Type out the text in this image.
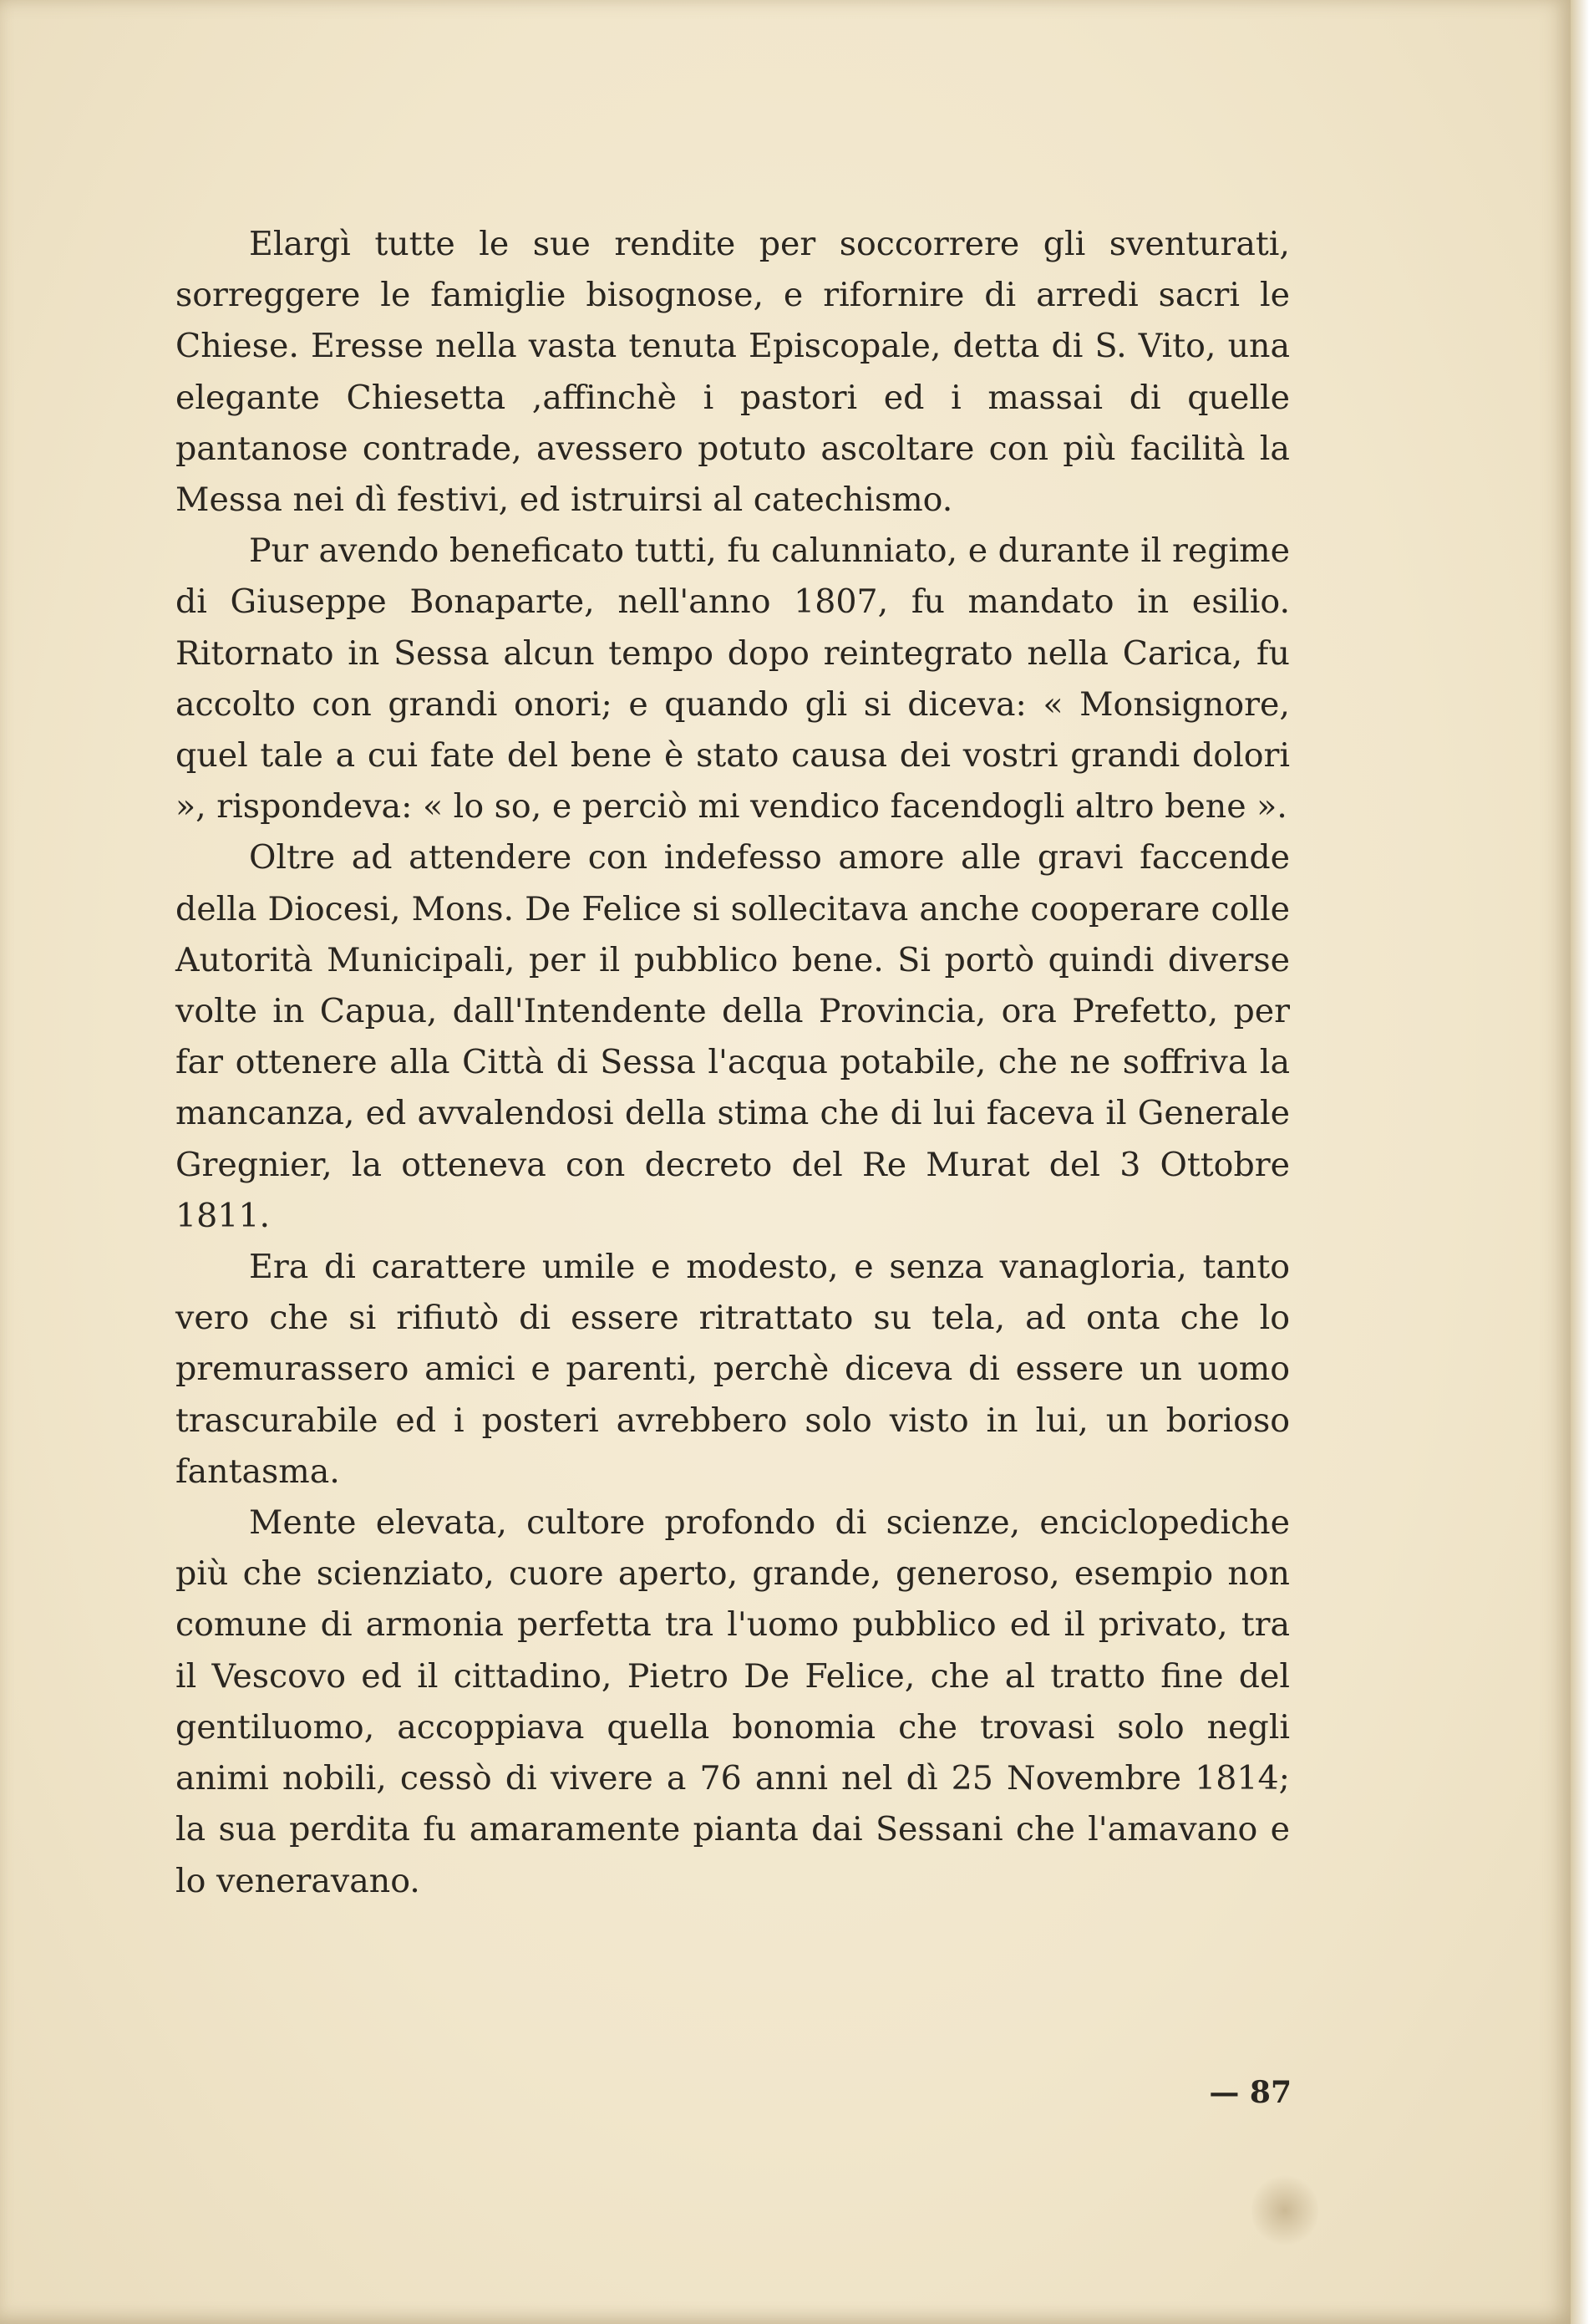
Elargì tutte le sue rendite per soccorrere gli sventurati, sorreggere le famiglie bisognose, e rifornire di arredi sacri le Chiese. Eresse nella vasta tenuta Episcopale, detta di S. Vito, una elegante Chiesetta ,affinchè i pastori ed i massai di quelle pantanose contrade, avessero potuto ascoltare con più facilità la Messa nei dì festivi, ed istruirsi al catechismo.

Pur avendo beneficato tutti, fu calunniato, e durante il regime di Giuseppe Bonaparte, nell'anno 1807, fu mandato in esilio. Ritornato in Sessa alcun tempo dopo reintegrato nella Carica, fu accolto con grandi onori; e quando gli si diceva: « Monsignore, quel tale a cui fate del bene è stato causa dei vostri grandi dolori », rispondeva: « lo so, e perciò mi vendico facendogli altro bene ».

Oltre ad attendere con indefesso amore alle gravi faccende della Diocesi, Mons. De Felice si sollecitava anche cooperare colle Autorità Municipali, per il pubblico bene. Si portò quindi diverse volte in Capua, dall'Intendente della Provincia, ora Prefetto, per far ottenere alla Città di Sessa l'acqua potabile, che ne soffriva la mancanza, ed avvalendosi della stima che di lui faceva il Generale Gregnier, la otteneva con decreto del Re Murat del 3 Ottobre 1811.

Era di carattere umile e modesto, e senza vanagloria, tanto vero che si rifiutò di essere ritrattato su tela, ad onta che lo premurassero amici e parenti, perchè diceva di essere un uomo trascurabile ed i posteri avrebbero solo visto in lui, un borioso fantasma.

Mente elevata, cultore profondo di scienze, enciclopediche più che scienziato, cuore aperto, grande, generoso, esempio non comune di armonia perfetta tra l'uomo pubblico ed il privato, tra il Vescovo ed il cittadino, Pietro De Felice, che al tratto fine del gentiluomo, accoppiava quella bonomia che trovasi solo negli animi nobili, cessò di vivere a 76 anni nel dì 25 Novembre 1814; la sua perdita fu amaramente pianta dai Sessani che l'amavano e lo veneravano.

— 87
